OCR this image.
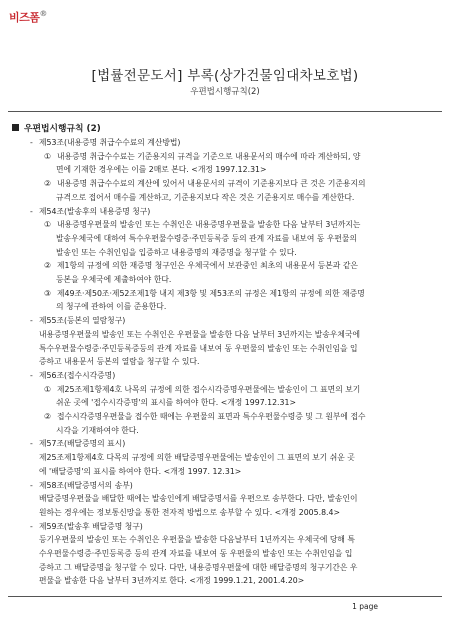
비즈폼®
[법률전문도서] 부록(상가건물임대차보호법)
우편법시행규칙(2)
우편법시행규칙 (2)
- 제53조(내용증명 취급수수료의 계산방법)
① 내용증명 취급수수료는 기준용지의 규격을 기준으로 내용문서의 매수에 따라 계산하되, 양
면에 기재한 경우에는 이를 2매로 본다. <개정 1997.12.31>
② 내용증명 취급수수료의 계산에 있어서 내용문서의 규격이 기준용지보다 큰 것은 기준용지의
규격으로 접어서 매수를 계산하고, 기준용지보다 작은 것은 기준용지로 매수를 계산한다.
- 제54조(발송후의 내용증명 청구)
① 내용증명우편물의 발송인 또는 수취인은 내용증명우편물을 발송한 다음 날부터 3년까지는
발송우체국에 대하여 특수우편물수령증·주민등록증 등의 관계 자료를 내보여 동 우편물의
발송인 또는 수취인임을 입증하고 내용증명의 재증명을 청구할 수 있다.
② 제1항의 규정에 의한 재증명 청구인은 우체국에서 보관중인 최초의 내용문서 등본과 같은
등본을 우체국에 제출하여야 한다.
③ 제49조·제50조·제52조제1항 내지 제3항 및 제53조의 규정은 제1항의 규정에 의한 재증명
의 청구에 관하여 이를 준용한다.
- 제55조(등본의 열람청구)
내용증명우편물의 발송인 또는 수취인은 우편물을 발송한 다음 날부터 3년까지는 발송우체국에
특수우편물수령증·주민등록증등의 관계 자료를 내보여 동 우편물의 발송인 또는 수취인임을 입
증하고 내용문서 등본의 열람을 청구할 수 있다.
- 제56조(접수시각증명)
① 제25조제1항제4호 나목의 규정에 의한 접수시각증명우편물에는 발송인이 그 표면의 보기
쉬운 곳에 '접수시각증명'의 표시를 하여야 한다. <개정 1997.12.31>
② 접수시각증명우편물을 접수한 때에는 우편물의 표면과 특수우편물수령증 및 그 원부에 접수
시각을 기재하여야 한다.
- 제57조(배달증명의 표시)
제25조제1항제4호 다목의 규정에 의한 배달증명우편물에는 발송인이 그 표면의 보기 쉬운 곳
에 '배달증명'의 표시를 하여야 한다. <개정 1997. 12.31>
- 제58조(배달증명서의 송부)
배달증명우편물을 배달한 때에는 발송인에게 배달증명서를 우편으로 송부한다. 다만, 발송인이
원하는 경우에는 정보통신망을 통한 전자적 방법으로 송부할 수 있다. <개정 2005.8.4>
- 제59조(발송후 배달증명 청구)
등기우편물의 발송인 또는 수취인은 우편물을 발송한 다음날부터 1년까지는 우체국에 당해 특
수우편물수령증·주민등록증 등의 관계 자료를 내보여 동 우편물의 발송인 또는 수취인임을 입
증하고 그 배달증명을 청구할 수 있다. 다만, 내용증명우편물에 대한 배달증명의 청구기간은 우
편물을 발송한 다음 날부터 3년까지로 한다. <개정 1999.1.21, 2001.4.20>
1 page
